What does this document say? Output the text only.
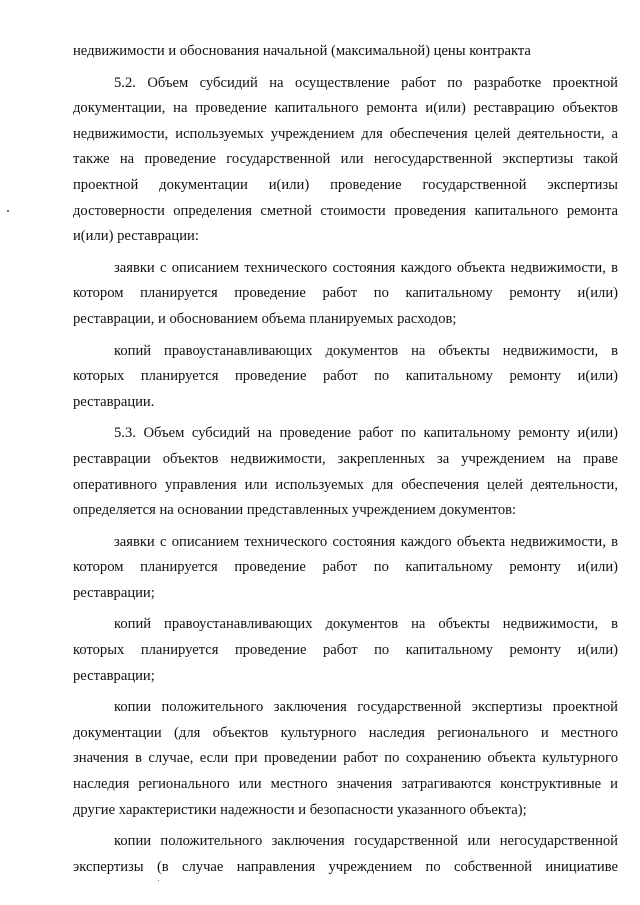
недвижимости и обоснования начальной (максимальной) цены контракта
5.2. Объем субсидий на осуществление работ по разработке проектной
документации, на проведение капитального ремонта и(или) реставрацию объектов
недвижимости, используемых учреждением для обеспечения целей деятельности, а
также на проведение государственной или негосударственной экспертизы такой
проектной документации и(или) проведение государственной экспертизы
достоверности определения сметной стоимости проведения капитального ремонта
и(или) реставрации:
заявки с описанием технического состояния каждого объекта недвижимости, в
котором планируется проведение работ по капитальному ремонту и(или)
реставрации, и обоснованием объема планируемых расходов;
копий правоустанавливающих документов на объекты недвижимости, в
которых планируется проведение работ по капитальному ремонту и(или)
реставрации.
5.3. Объем субсидий на проведение работ по капитальному ремонту и(или)
реставрации объектов недвижимости, закрепленных за учреждением на праве
оперативного управления или используемых для обеспечения целей деятельности,
определяется на основании представленных учреждением документов:
заявки с описанием технического состояния каждого объекта недвижимости, в
котором планируется проведение работ по капитальному ремонту и(или)
реставрации;
копий правоустанавливающих документов на объекты недвижимости, в
которых планируется проведение работ по капитальному ремонту и(или)
реставрации;
копии положительного заключения государственной экспертизы проектной
документации (для объектов культурного наследия регионального и местного
значения в случае, если при проведении работ по сохранению объекта культурного
наследия регионального или местного значения затрагиваются конструктивные и
другие характеристики надежности и безопасности указанного объекта);
копии положительного заключения государственной или негосударственной
экспертизы (в случае направления учреждением по собственной инициативе
